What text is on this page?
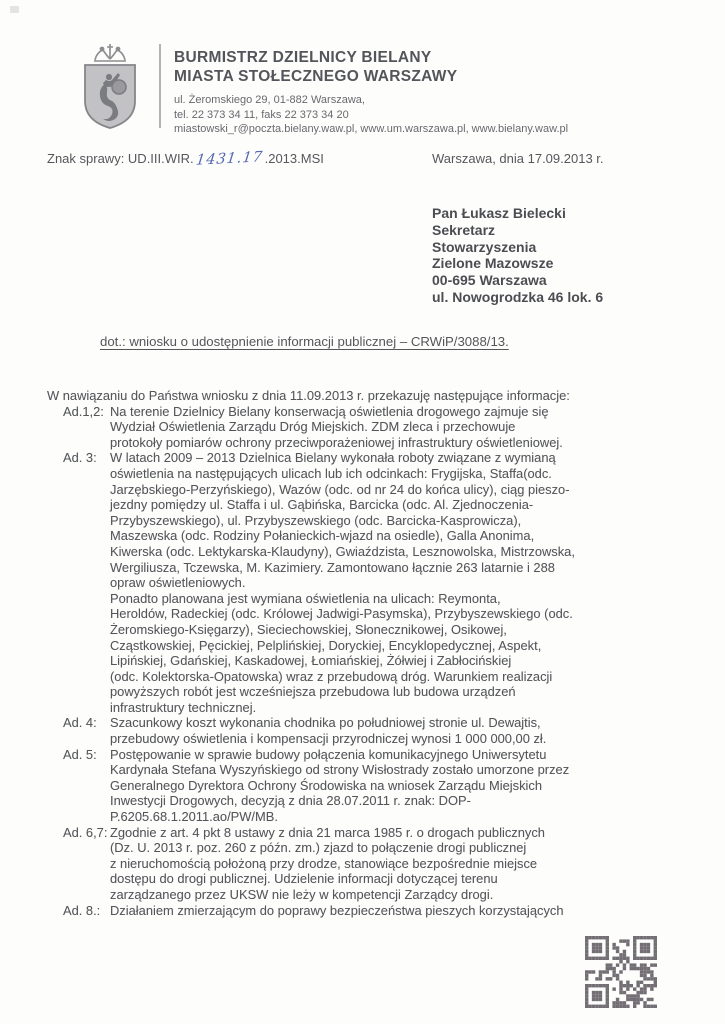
BURMISTRZ DZIELNICY BIELANY
MIASTA STOŁECZNEGO WARSZAWY
ul. Żeromskiego 29, 01-882 Warszawa,
tel. 22 373 34 11, faks 22 373 34 20
miastowski_r@poczta.bielany.waw.pl, www.um.warszawa.pl, www.bielany.waw.pl
Znak sprawy: UD.III.WIR.1431.17.2013.MSI	Warszawa, dnia 17.09.2013 r.
Pan Łukasz Bielecki
Sekretarz
Stowarzyszenia
Zielone Mazowsze
00-695 Warszawa
ul. Nowogrodzka 46 lok. 6
dot.: wniosku o udostępnienie informacji publicznej – CRWiP/3088/13.
W nawiązaniu do Państwa wniosku z dnia 11.09.2013 r. przekazuję następujące informacje:
Ad.1,2: Na terenie Dzielnicy Bielany konserwacją oświetlenia drogowego zajmuje się
Wydział Oświetlenia Zarządu Dróg Miejskich. ZDM zleca i przechowuje
protokoły pomiarów ochrony przeciwporażeniowej infrastruktury oświetleniowej.
Ad. 3:	W latach 2009 – 2013 Dzielnica Bielany wykonała roboty związane z wymianą
oświetlenia na następujących ulicach lub ich odcinkach: Frygijska, Staffa(odc.
Jarzębskiego-Perzyńskiego), Wazów (odc. od nr 24 do końca ulicy), ciąg pieszo-
jezdny pomiędzy ul. Staffa i ul. Gąbińska, Barcicka (odc. Al. Zjednoczenia-
Przybyszewskiego), ul. Przybyszewskiego (odc. Barcicka-Kasprowicza),
Maszewska (odc. Rodziny Połanieckich-wjazd na osiedle), Galla Anonima,
Kiwerska (odc. Lektykarska-Klaudyny), Gwiaździsta, Lesznowolska, Mistrzowska,
Wergiliusza, Tczewska, M. Kazimiery. Zamontowano łącznie 263 latarnie i 288
opraw oświetleniowych.
Ponadto planowana jest wymiana oświetlenia na ulicach: Reymonta,
Heroldów, Radeckiej (odc. Królowej Jadwigi-Pasymska), Przybyszewskiego (odc.
Żeromskiego-Księgarzy), Sieciechowskiej, Słonecznikowej, Osikowej,
Cząstkowskiej, Pęcickiej, Pelplińskiej, Doryckiej, Encyklopedycznej, Aspekt,
Lipińskiej, Gdańskiej, Kaskadowej, Łomiańskiej, Żółwiej i Zabłocińskiej
(odc. Kolektorska-Opatowska) wraz z przebudową dróg. Warunkiem realizacji
powyższych robót jest wcześniejsza przebudowa lub budowa urządzeń
infrastruktury technicznej.
Ad. 4:	Szacunkowy koszt wykonania chodnika po południowej stronie ul. Dewajtis,
przebudowy oświetlenia i kompensacji przyrodniczej wynosi 1 000 000,00 zł.
Ad. 5:	Postępowanie w sprawie budowy połączenia komunikacyjnego Uniwersytetu
Kardynała Stefana Wyszyńskiego od strony Wisłostrady zostało umorzone przez
Generalnego Dyrektora Ochrony Środowiska na wniosek Zarządu Miejskich
Inwestycji Drogowych, decyzją z dnia 28.07.2011 r. znak: DOP-
P.6205.68.1.2011.ao/PW/MB.
Ad. 6,7: Zgodnie z art. 4 pkt 8 ustawy z dnia 21 marca 1985 r. o drogach publicznych
(Dz. U. 2013 r. poz. 260 z późn. zm.) zjazd to połączenie drogi publicznej
z nieruchomością położoną przy drodze, stanowiące bezpośrednie miejsce
dostępu do drogi publicznej. Udzielenie informacji dotyczącej terenu
zarządzanego przez UKSW nie leży w kompetencji Zarządcy drogi.
Ad. 8.: Działaniem zmierzającym do poprawy bezpieczeństwa pieszych korzystających
